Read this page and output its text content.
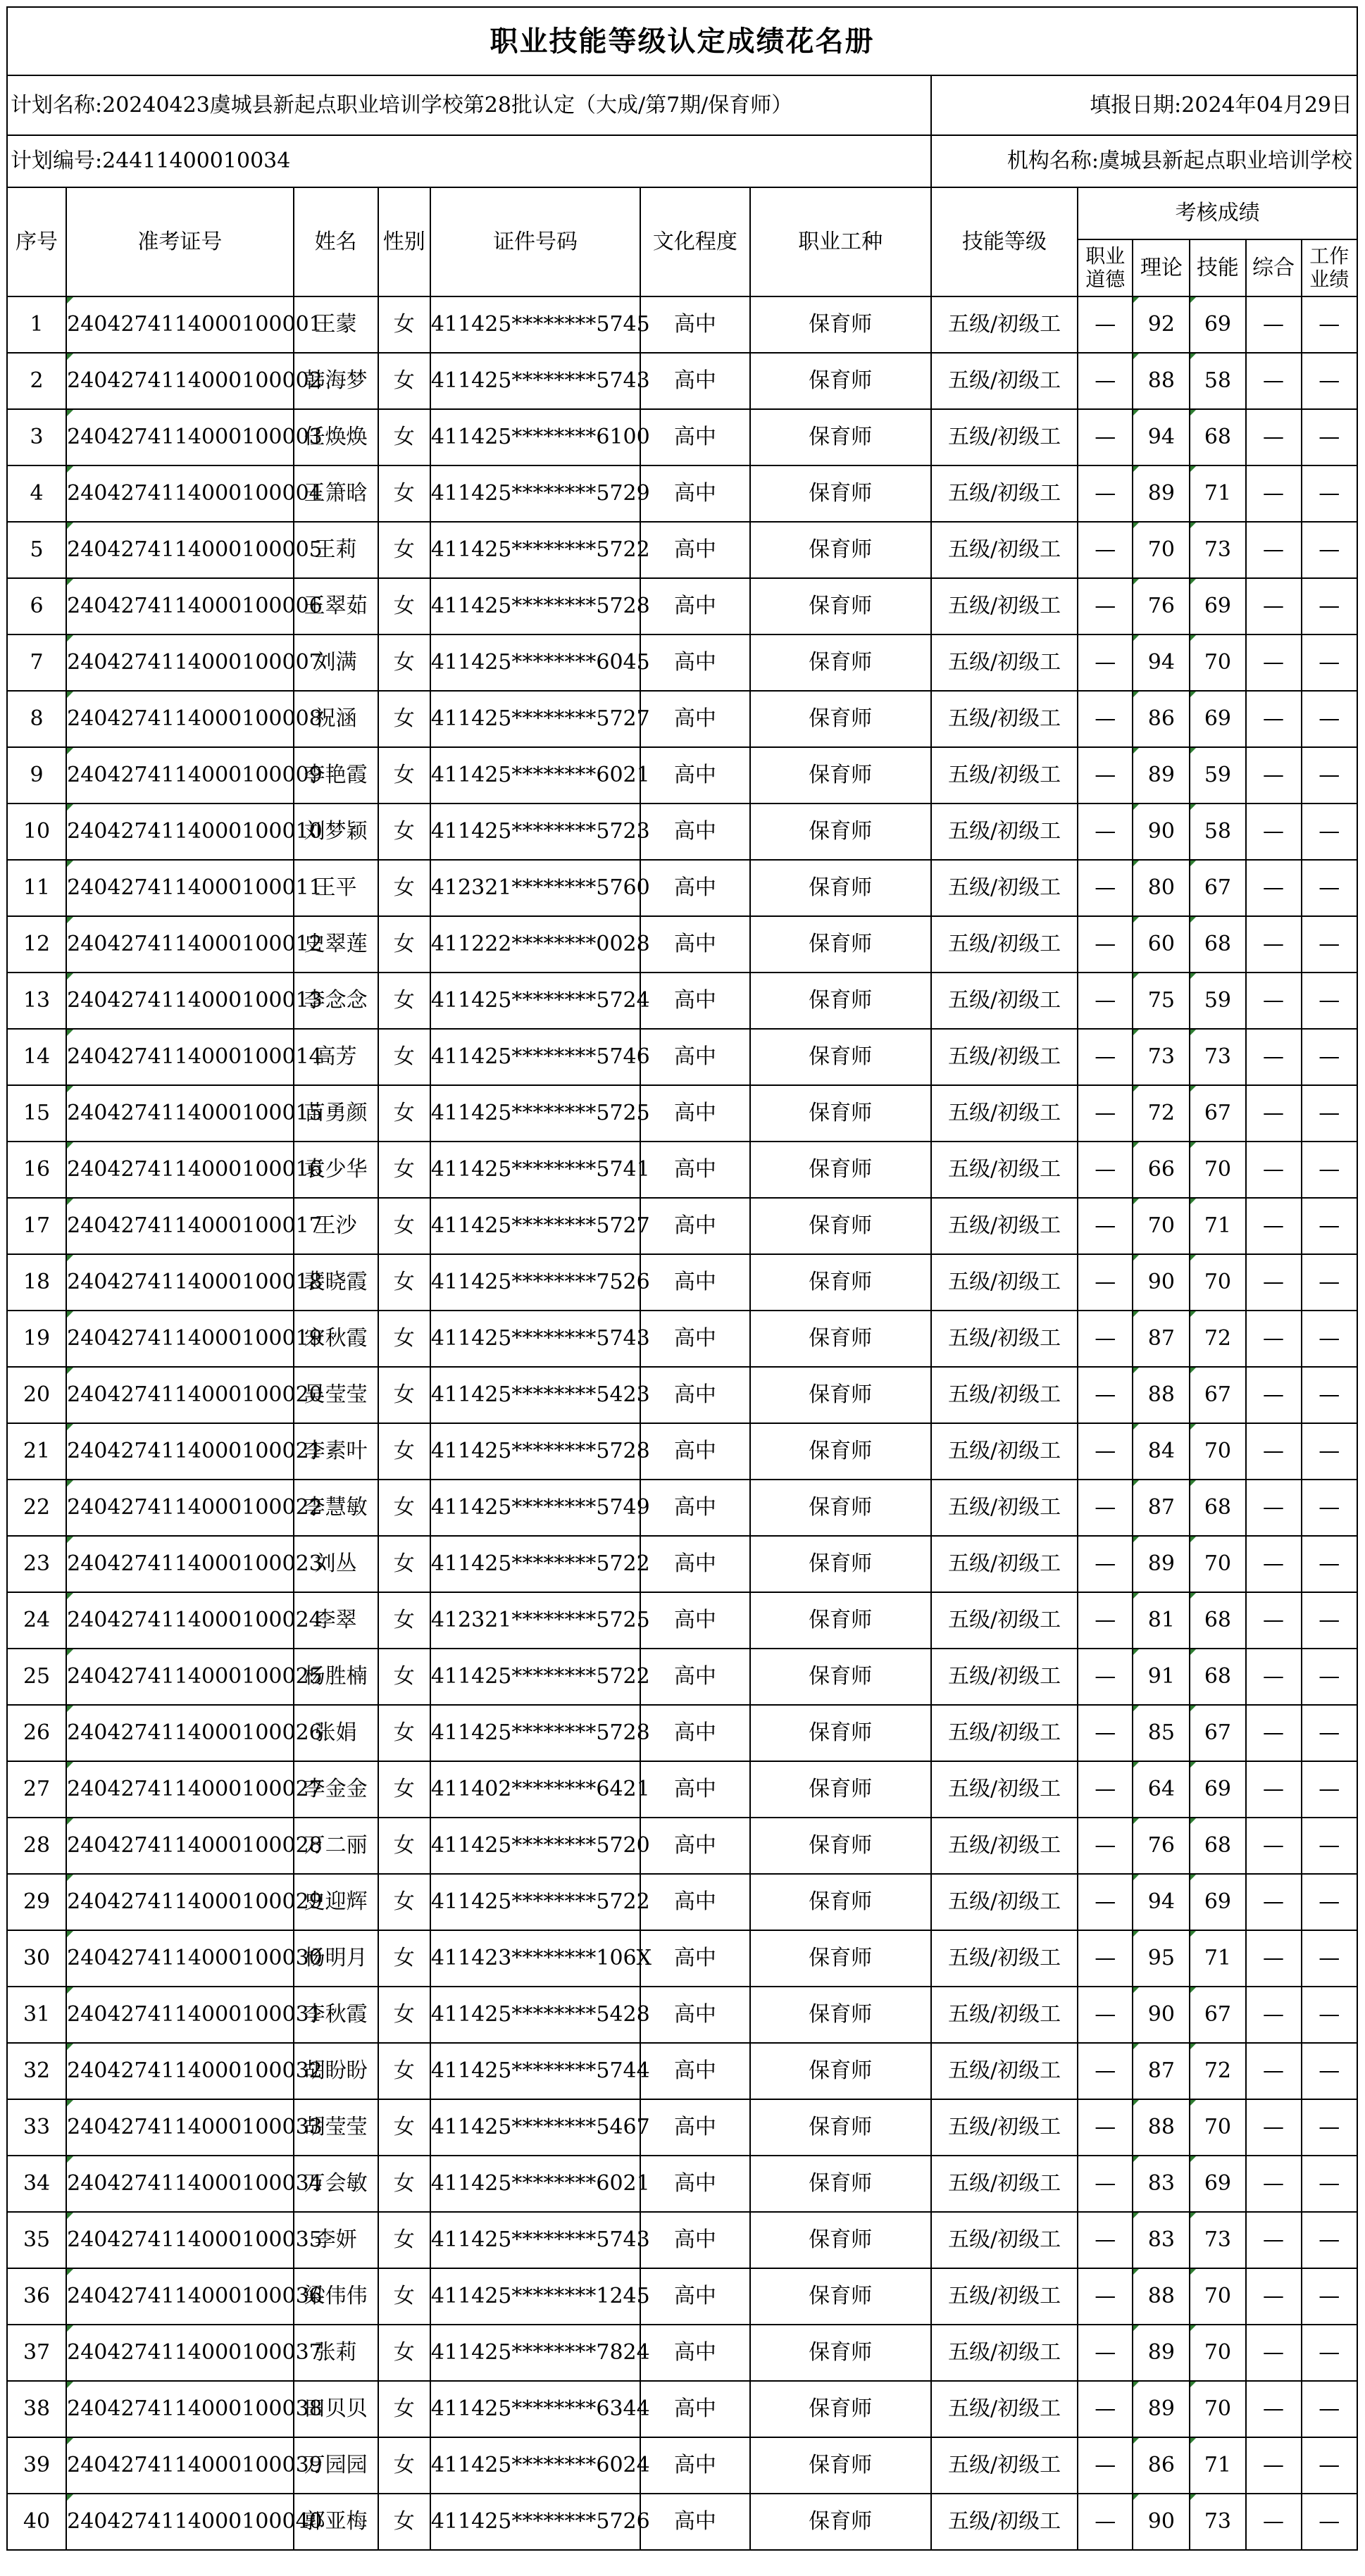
职业技能等级认定成绩花名册												
计划名称:20240423虞城县新起点职业培训学校第28批认定（大成/第7期/保育师）							填报日期:2024年04月29日					
计划编号:24411400010034							机构名称:虞城县新起点职业培训学校					
序号	准考证号	姓名	性别	证件号码	文化程度	职业工种	技能等级	考核成绩				
								职业道德	理论	技能	综合	工作业绩
1	2404274114000100001	王蒙	女	411425********5745	高中	保育师	五级/初级工	—	92	69	—	—
2	2404274114000100002	韩海梦	女	411425********5743	高中	保育师	五级/初级工	—	88	58	—	—
3	2404274114000100003	任焕焕	女	411425********6100	高中	保育师	五级/初级工	—	94	68	—	—
4	2404274114000100004	王箫晗	女	411425********5729	高中	保育师	五级/初级工	—	89	71	—	—
5	2404274114000100005	王莉	女	411425********5722	高中	保育师	五级/初级工	—	70	73	—	—
6	2404274114000100006	王翠茹	女	411425********5728	高中	保育师	五级/初级工	—	76	69	—	—
7	2404274114000100007	刘满	女	411425********6045	高中	保育师	五级/初级工	—	94	70	—	—
8	2404274114000100008	祝涵	女	411425********5727	高中	保育师	五级/初级工	—	86	69	—	—
9	2404274114000100009	李艳霞	女	411425********6021	高中	保育师	五级/初级工	—	89	59	—	—
10	2404274114000100010	刘梦颖	女	411425********5723	高中	保育师	五级/初级工	—	90	58	—	—
11	2404274114000100011	王平	女	412321********5760	高中	保育师	五级/初级工	—	80	67	—	—
12	2404274114000100012	史翠莲	女	411222********0028	高中	保育师	五级/初级工	—	60	68	—	—
13	2404274114000100013	李念念	女	411425********5724	高中	保育师	五级/初级工	—	75	59	—	—
14	2404274114000100014	高芳	女	411425********5746	高中	保育师	五级/初级工	—	73	73	—	—
15	2404274114000100015	苗勇颜	女	411425********5725	高中	保育师	五级/初级工	—	72	67	—	—
16	2404274114000100016	袁少华	女	411425********5741	高中	保育师	五级/初级工	—	66	70	—	—
17	2404274114000100017	王沙	女	411425********5727	高中	保育师	五级/初级工	—	70	71	—	—
18	2404274114000100018	裴晓霞	女	411425********7526	高中	保育师	五级/初级工	—	90	70	—	—
19	2404274114000100019	宋秋霞	女	411425********5743	高中	保育师	五级/初级工	—	87	72	—	—
20	2404274114000100020	吴莹莹	女	411425********5423	高中	保育师	五级/初级工	—	88	67	—	—
21	2404274114000100021	李素叶	女	411425********5728	高中	保育师	五级/初级工	—	84	70	—	—
22	2404274114000100022	李慧敏	女	411425********5749	高中	保育师	五级/初级工	—	87	68	—	—
23	2404274114000100023	刘丛	女	411425********5722	高中	保育师	五级/初级工	—	89	70	—	—
24	2404274114000100024	李翠	女	412321********5725	高中	保育师	五级/初级工	—	81	68	—	—
25	2404274114000100025	杨胜楠	女	411425********5722	高中	保育师	五级/初级工	—	91	68	—	—
26	2404274114000100026	张娟	女	411425********5728	高中	保育师	五级/初级工	—	85	67	—	—
27	2404274114000100027	李金金	女	411402********6421	高中	保育师	五级/初级工	—	64	69	—	—
28	2404274114000100028	万二丽	女	411425********5720	高中	保育师	五级/初级工	—	76	68	—	—
29	2404274114000100029	史迎辉	女	411425********5722	高中	保育师	五级/初级工	—	94	69	—	—
30	2404274114000100030	杨明月	女	411423********106X	高中	保育师	五级/初级工	—	95	71	—	—
31	2404274114000100031	李秋霞	女	411425********5428	高中	保育师	五级/初级工	—	90	67	—	—
32	2404274114000100032	胡盼盼	女	411425********5744	高中	保育师	五级/初级工	—	87	72	—	—
33	2404274114000100033	胡莹莹	女	411425********5467	高中	保育师	五级/初级工	—	88	70	—	—
34	2404274114000100034	万会敏	女	411425********6021	高中	保育师	五级/初级工	—	83	69	—	—
35	2404274114000100035	李妍	女	411425********5743	高中	保育师	五级/初级工	—	83	73	—	—
36	2404274114000100036	梁伟伟	女	411425********1245	高中	保育师	五级/初级工	—	88	70	—	—
37	2404274114000100037	张莉	女	411425********7824	高中	保育师	五级/初级工	—	89	70	—	—
38	2404274114000100038	田贝贝	女	411425********6344	高中	保育师	五级/初级工	—	89	70	—	—
39	2404274114000100039	万园园	女	411425********6024	高中	保育师	五级/初级工	—	86	71	—	—
40	2404274114000100040	郭亚梅	女	411425********5726	高中	保育师	五级/初级工	—	90	73	—	—
